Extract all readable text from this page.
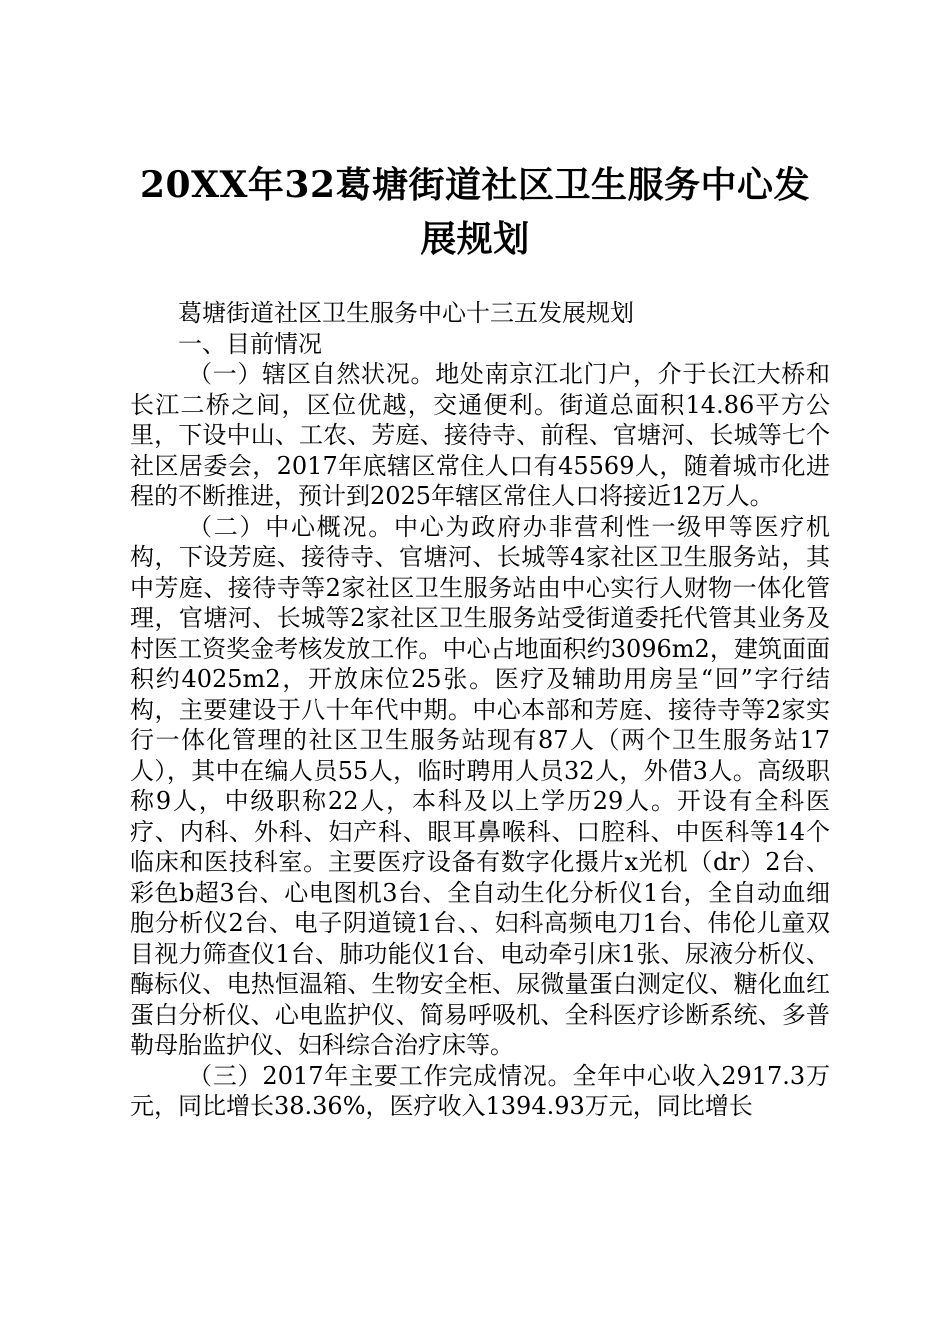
20XX年32葛塘街道社区卫生服务中心发展规划

葛塘街道社区卫生服务中心十三五发展规划

一、目前情况

（一）辖区自然状况。地处南京江北门户，介于长江大桥和长江二桥之间，区位优越，交通便利。街道总面积14.86平方公里，下设中山、工农、芳庭、接待寺、前程、官塘河、长城等七个社区居委会，2017年底辖区常住人口有45569人，随着城市化进程的不断推进，预计到2025年辖区常住人口将接近12万人。

（二）中心概况。中心为政府办非营利性一级甲等医疗机构，下设芳庭、接待寺、官塘河、长城等4家社区卫生服务站，其中芳庭、接待寺等2家社区卫生服务站由中心实行人财物一体化管理，官塘河、长城等2家社区卫生服务站受街道委托代管其业务及村医工资奖金考核发放工作。中心占地面积约3096m2，建筑面面积约4025m2，开放床位25张。医疗及辅助用房呈“回”字行结构，主要建设于八十年代中期。中心本部和芳庭、接待寺等2家实行一体化管理的社区卫生服务站现有87人（两个卫生服务站17人），其中在编人员55人，临时聘用人员32人，外借3人。高级职称9人，中级职称22人，本科及以上学历29人。开设有全科医疗、内科、外科、妇产科、眼耳鼻喉科、口腔科、中医科等14个临床和医技科室。主要医疗设备有数字化摄片x光机（dr）2台、彩色b超3台、心电图机3台、全自动生化分析仪1台，全自动血细胞分析仪2台、电子阴道镜1台、、妇科高频电刀1台、伟伦儿童双目视力筛查仪1台、肺功能仪1台、电动牵引床1张、尿液分析仪、酶标仪、电热恒温箱、生物安全柜、尿微量蛋白测定仪、糖化血红蛋白分析仪、心电监护仪、简易呼吸机、全科医疗诊断系统、多普勒母胎监护仪、妇科综合治疗床等。

（三）2017年主要工作完成情况。全年中心收入2917.3万元，同比增长38.36%，医疗收入1394.93万元，同比增长
